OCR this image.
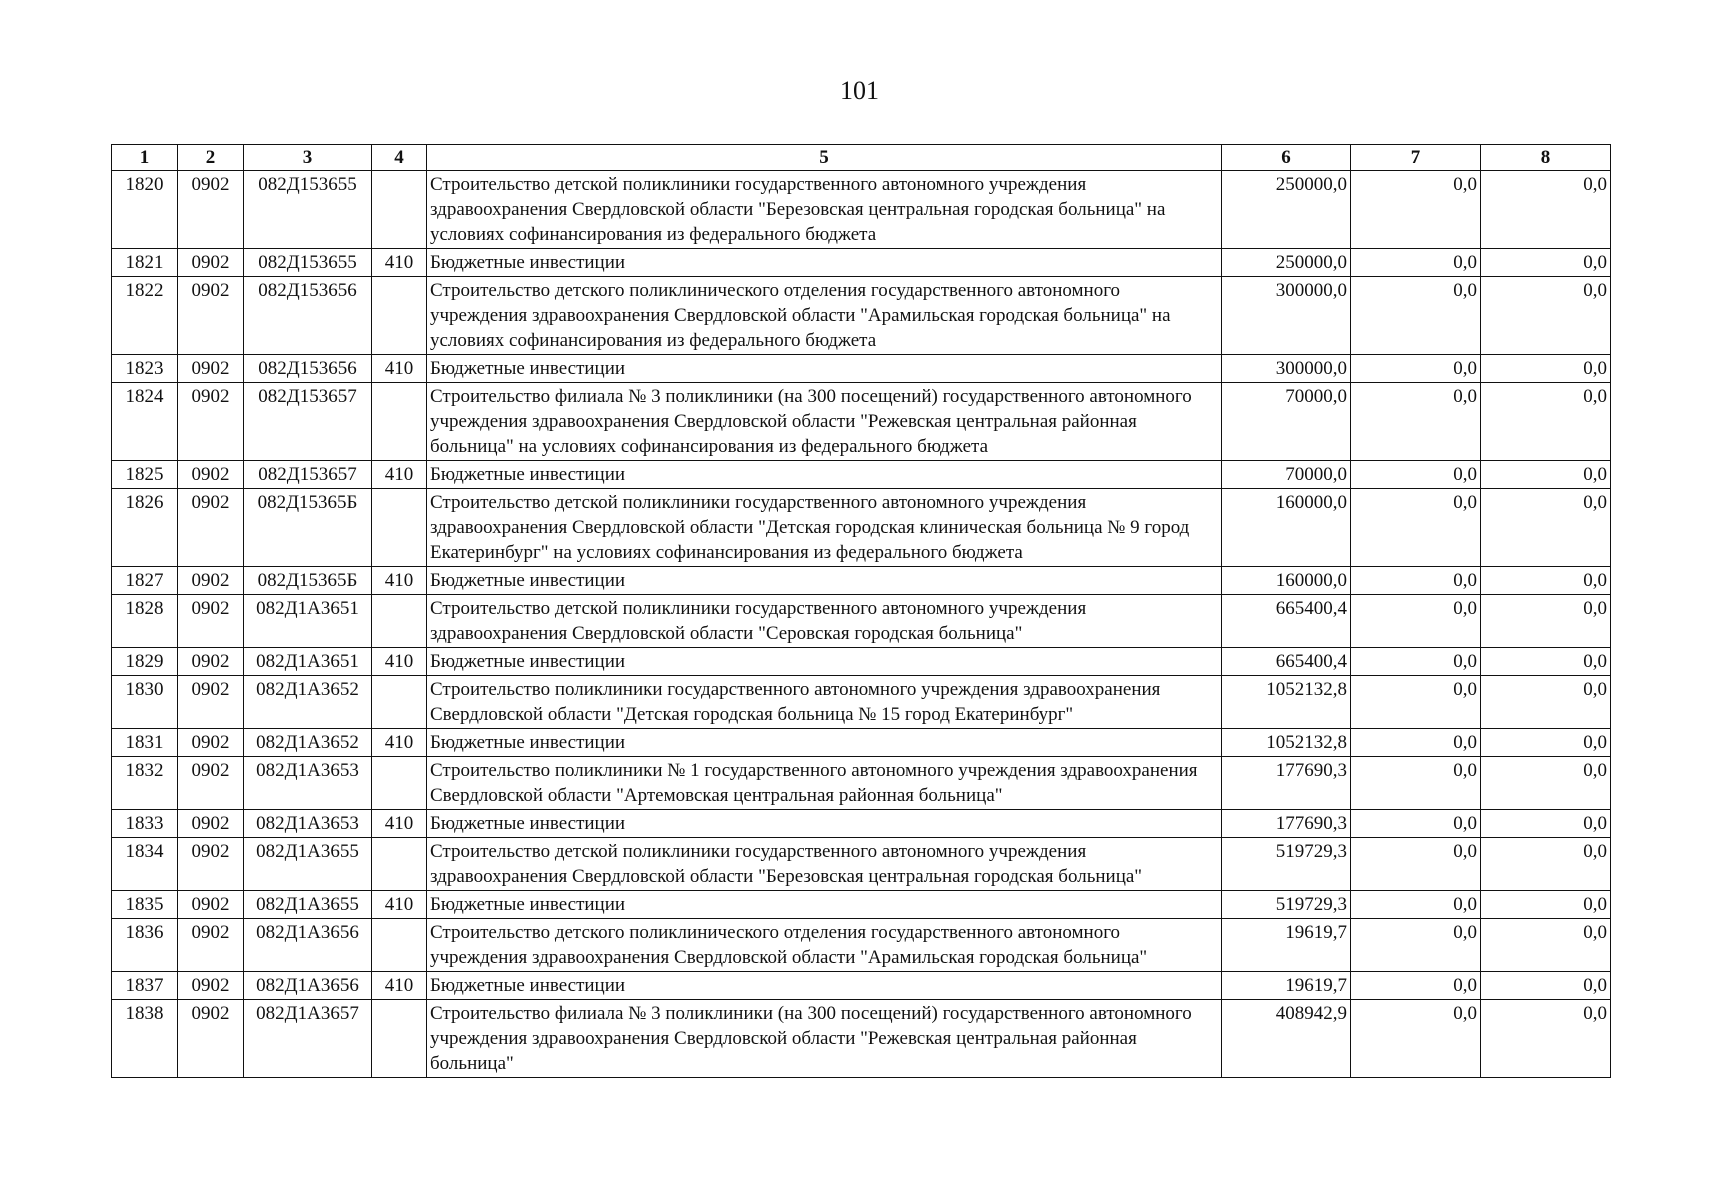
101
1	2	3	4	5	6	7	8
1820	0902	082Д153655		Строительство детской поликлиники государственного автономного учреждения здравоохранения Свердловской области "Березовская центральная городская больница" на условиях софинансирования из федерального бюджета	250000,0	0,0	0,0
1821	0902	082Д153655	410	Бюджетные инвестиции	250000,0	0,0	0,0
1822	0902	082Д153656		Строительство детского поликлинического отделения государственного автономного учреждения здравоохранения Свердловской области "Арамильская городская больница" на условиях софинансирования из федерального бюджета	300000,0	0,0	0,0
1823	0902	082Д153656	410	Бюджетные инвестиции	300000,0	0,0	0,0
1824	0902	082Д153657		Строительство филиала № 3 поликлиники (на 300 посещений) государственного автономного учреждения здравоохранения Свердловской области "Режевская центральная районная больница" на условиях софинансирования из федерального бюджета	70000,0	0,0	0,0
1825	0902	082Д153657	410	Бюджетные инвестиции	70000,0	0,0	0,0
1826	0902	082Д15365Б		Строительство детской поликлиники государственного автономного учреждения здравоохранения Свердловской области "Детская городская клиническая больница № 9 город Екатеринбург" на условиях софинансирования из федерального бюджета	160000,0	0,0	0,0
1827	0902	082Д15365Б	410	Бюджетные инвестиции	160000,0	0,0	0,0
1828	0902	082Д1А3651		Строительство детской поликлиники государственного автономного учреждения здравоохранения Свердловской области "Серовская городская больница"	665400,4	0,0	0,0
1829	0902	082Д1А3651	410	Бюджетные инвестиции	665400,4	0,0	0,0
1830	0902	082Д1А3652		Строительство поликлиники государственного автономного учреждения здравоохранения Свердловской области "Детская городская больница № 15 город Екатеринбург"	1052132,8	0,0	0,0
1831	0902	082Д1А3652	410	Бюджетные инвестиции	1052132,8	0,0	0,0
1832	0902	082Д1А3653		Строительство поликлиники № 1 государственного автономного учреждения здравоохранения Свердловской области "Артемовская центральная районная больница"	177690,3	0,0	0,0
1833	0902	082Д1А3653	410	Бюджетные инвестиции	177690,3	0,0	0,0
1834	0902	082Д1А3655		Строительство детской поликлиники государственного автономного учреждения здравоохранения Свердловской области "Березовская центральная городская больница"	519729,3	0,0	0,0
1835	0902	082Д1А3655	410	Бюджетные инвестиции	519729,3	0,0	0,0
1836	0902	082Д1А3656		Строительство детского поликлинического отделения государственного автономного учреждения здравоохранения Свердловской области "Арамильская городская больница"	19619,7	0,0	0,0
1837	0902	082Д1А3656	410	Бюджетные инвестиции	19619,7	0,0	0,0
1838	0902	082Д1А3657		Строительство филиала № 3 поликлиники (на 300 посещений) государственного автономного учреждения здравоохранения Свердловской области "Режевская центральная районная больница"	408942,9	0,0	0,0
